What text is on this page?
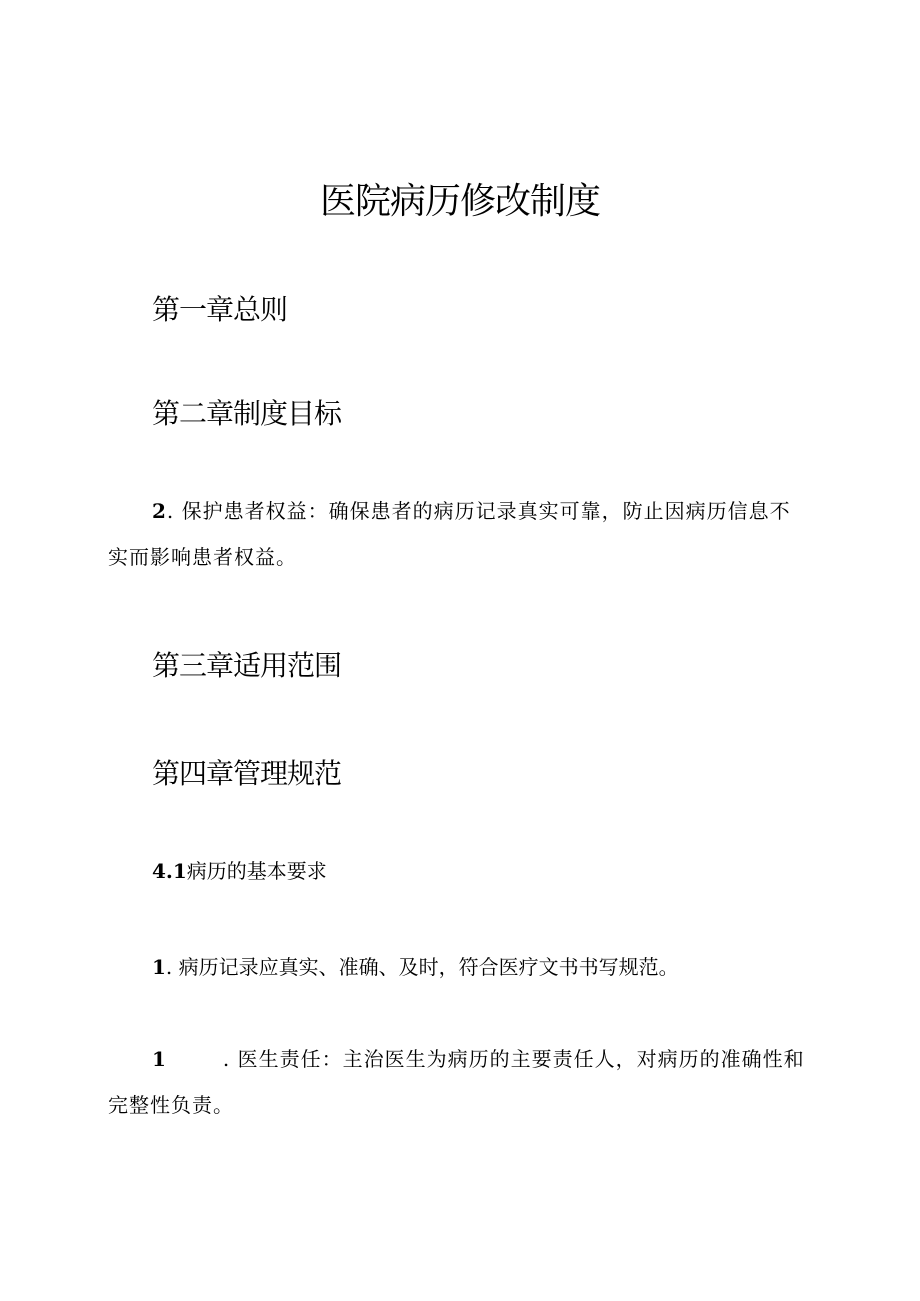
医院病历修改制度
第一章总则
第二章制度目标
2. 保护患者权益：确保患者的病历记录真实可靠，防止因病历信息不实而影响患者权益。
第三章适用范围
第四章管理规范
4.1病历的基本要求
1. 病历记录应真实、准确、及时，符合医疗文书书写规范。
1	. 医生责任：主治医生为病历的主要责任人，对病历的准确性和完整性负责。
